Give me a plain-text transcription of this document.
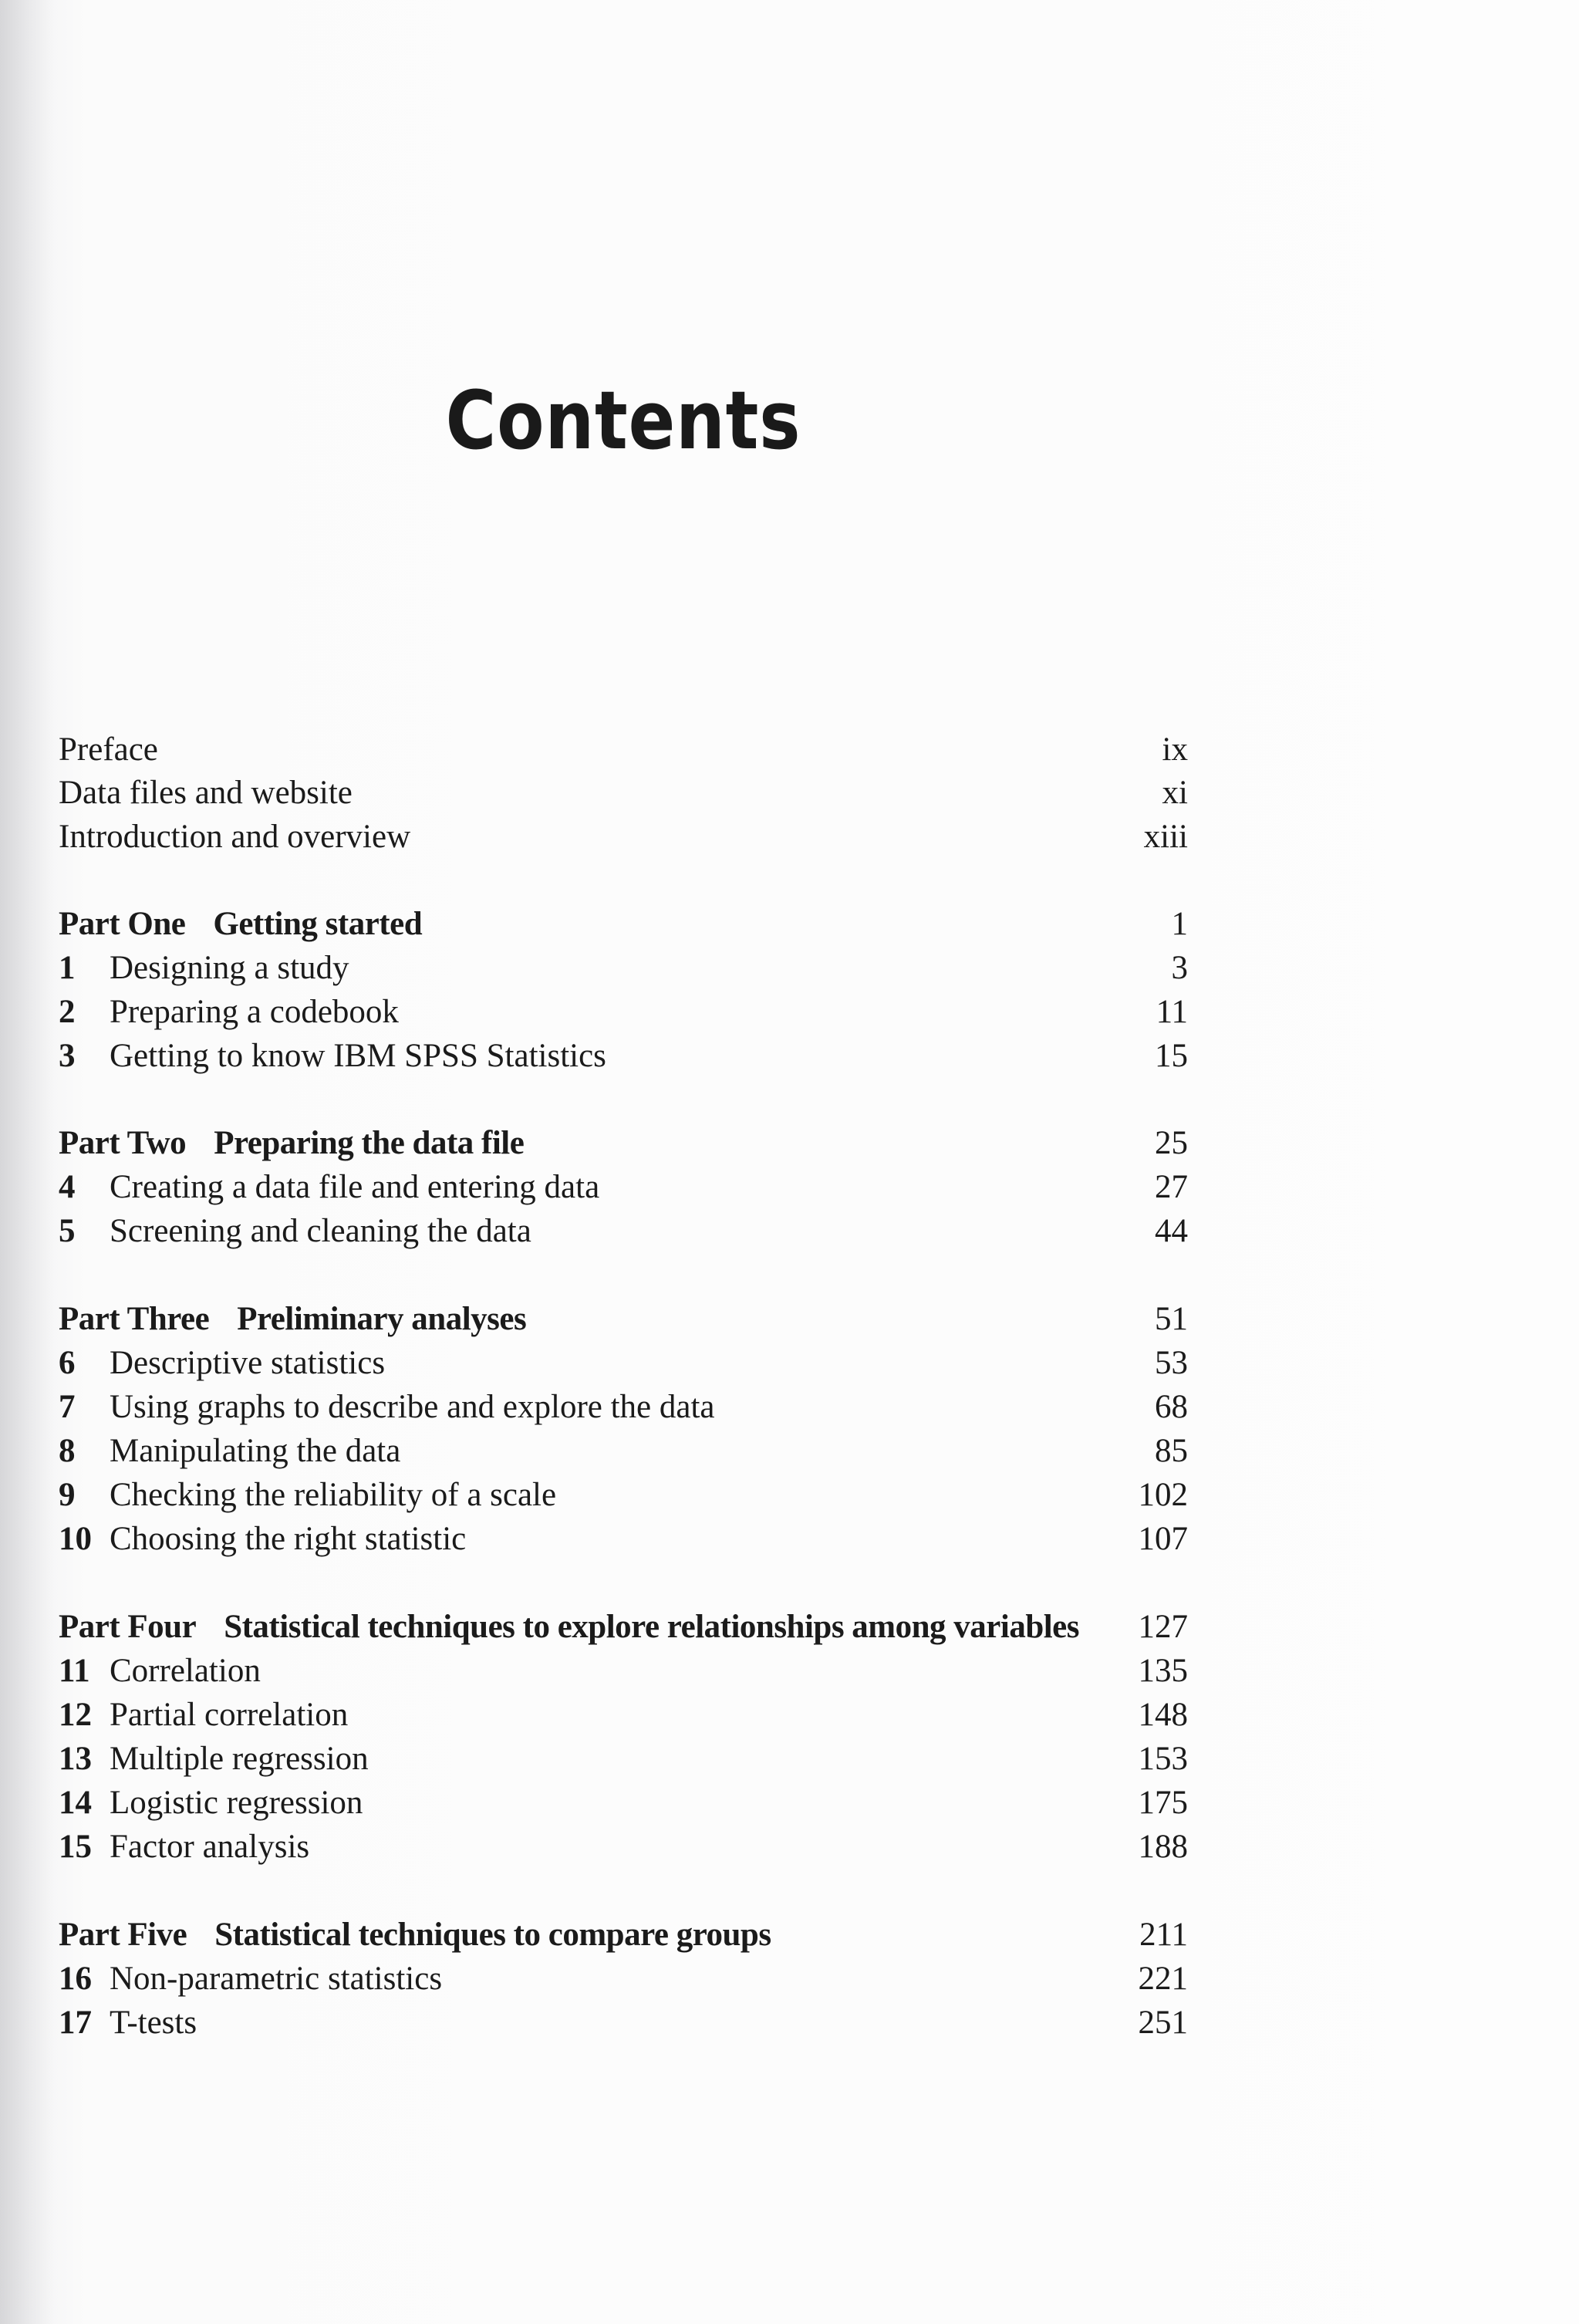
Contents
Preface	ix
Data files and website	xi
Introduction and overview	xiii
Part One Getting started	1
1 Designing a study	3
2 Preparing a codebook	11
3 Getting to know IBM SPSS Statistics	15
Part Two Preparing the data file	25
4 Creating a data file and entering data	27
5 Screening and cleaning the data	44
Part Three Preliminary analyses	51
6 Descriptive statistics	53
7 Using graphs to describe and explore the data	68
8 Manipulating the data	85
9 Checking the reliability of a scale	102
10 Choosing the right statistic	107
Part Four Statistical techniques to explore relationships among variables 127
11 Correlation	135
12 Partial correlation	148
13 Multiple regression	153
14 Logistic regression	175
15 Factor analysis	188
Part Five Statistical techniques to compare groups	211
16 Non-parametric statistics	221
17 T-tests	251
